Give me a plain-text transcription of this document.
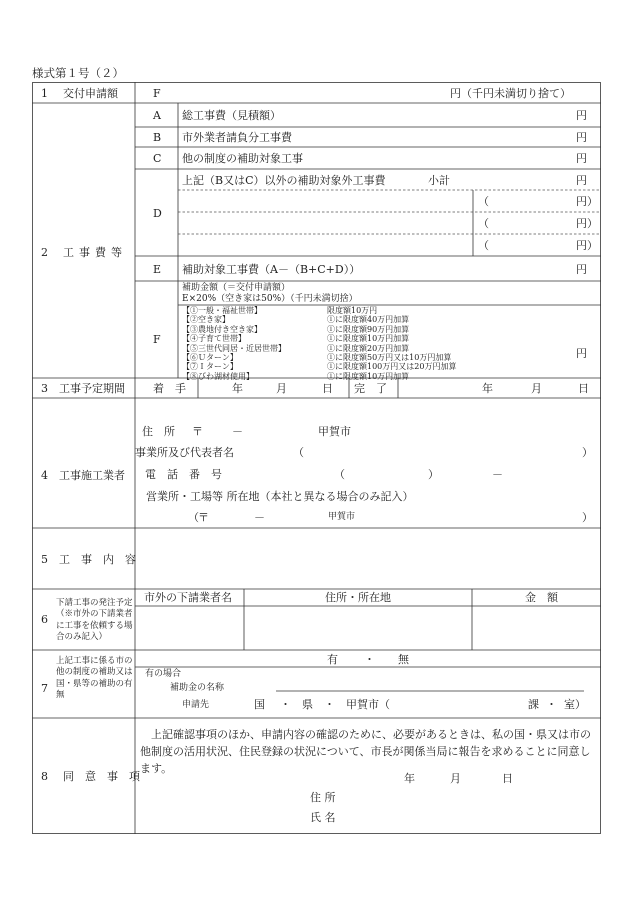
様式第１号（２）
1 交付申請額	F	円（千円未満切り捨て）
2 工事費等
A 総工事費（見積額）	円
B 市外業者請負分工事費	円
C 他の制度の補助対象工事	円
D
上記（B又はC）以外の補助対象外工事費	小計	円
（	円）
（	円）
（	円）
E 補助対象工事費（A－（B+C+D））	円
F
補助金額（＝交付申請額）
E×20%（空き家は50%）（千円未満切捨）
円
【①一般・福祉世帯】	限度額10万円
【②空き家】	①に限度額40万円加算
【③農地付き空き家】	①に限度額90万円加算
【④子育て世帯】	①に限度額10万円加算
【⑤三世代同居・近居世帯】	①に限度額20万円加算
【⑥Ｕターン】	①に限度額50万円又は10万円加算
【⑦Ｉターン】	①に限度額100万円又は20万円加算
【⑧びわ湖材使用】	①に限度額10万円加算
3 工事予定期間	着　手	年	月	日 完　了	年	月	日
4 工事施工業者
住　所 〒	－	甲賀市
事業所及び代表者名	（	）
電　話　番　号	（	）	－
営業所・工場等 所在地（本社と異なる場合のみ記入）
（ 〒	－	甲賀市	）
5 工　事　内　容
6
下請工事の発注予定（※市外の下請業者に工事を依頼する場合のみ記入）
市外の下請業者名	住所・所在地	金　額
7
上記工事に係る市の他の制度の補助又は国・県等の補助の有無
有 ・ 無
有の場合
補助金の名称
申請先	国 ・ 県 ・ 甲賀市（	課 ・ 室）
8 同　意　事　項
上記確認事項のほか、申請内容の確認のために、必要があるときは、私の国・県又は市の他制度の活用状況、住民登録の状況について、市長が関係当局に報告を求めることに同意します。
年	月	日
住 所
氏 名
